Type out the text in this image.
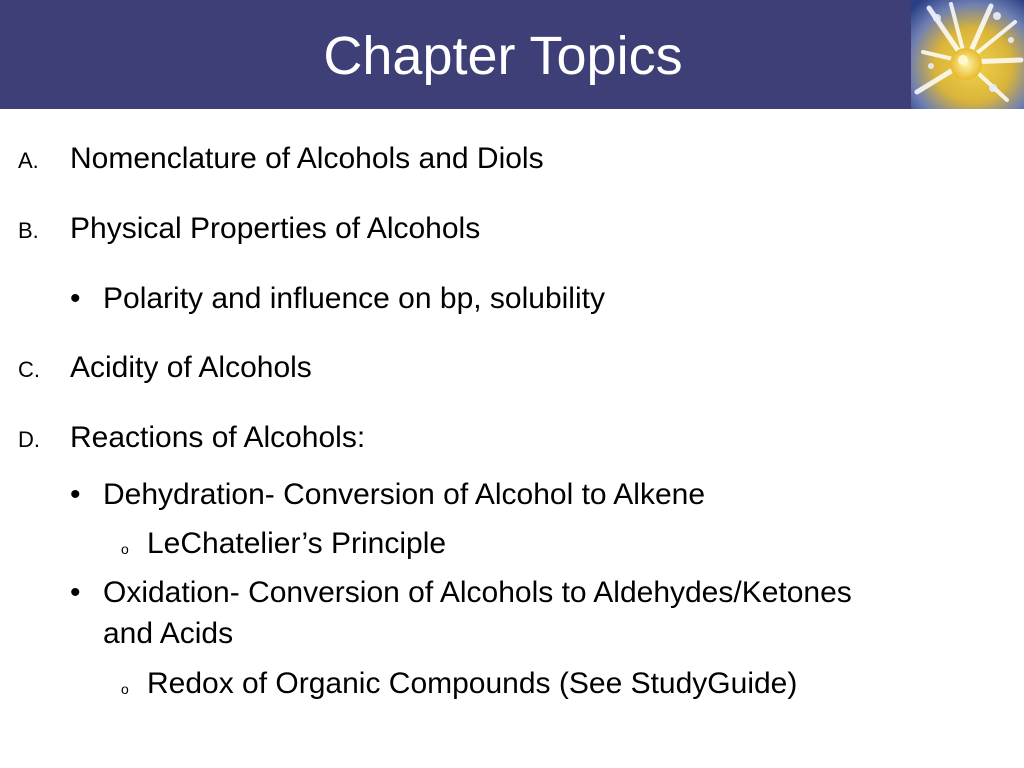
Chapter Topics
A. Nomenclature of Alcohols and Diols
B. Physical Properties of Alcohols
• Polarity and influence on bp, solubility
C. Acidity of Alcohols
D. Reactions of Alcohols:
• Dehydration- Conversion of Alcohol to Alkene
o LeChatelier’s Principle
• Oxidation- Conversion of Alcohols to Aldehydes/Ketones
and Acids
o Redox of Organic Compounds (See StudyGuide)
